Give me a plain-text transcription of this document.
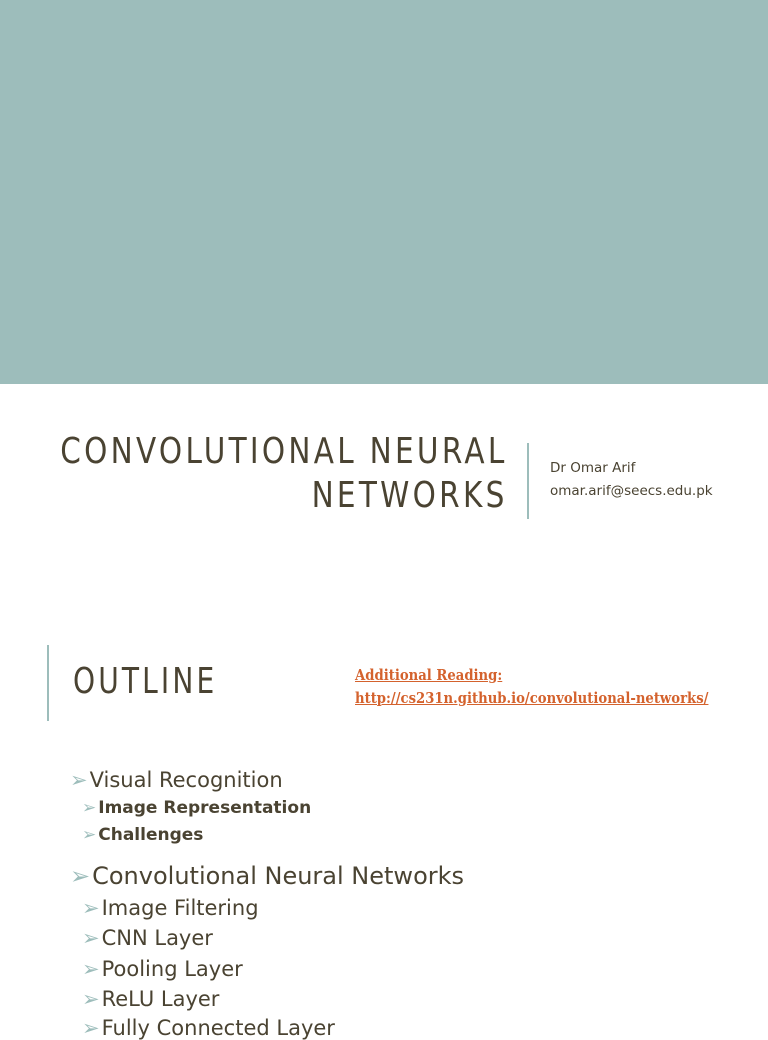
CONVOLUTIONAL NEURAL
NETWORKS
Dr Omar Arif
omar.arif@seecs.edu.pk
OUTLINE	Additional Reading:
http://cs231n.github.io/convolutional-networks/
➢Visual Recognition
➢ Image Representation
➢ Challenges
➢Convolutional Neural Networks
➢Image Filtering
➢CNN Layer
➢Pooling Layer
➢ReLU Layer
➢Fully Connected Layer
